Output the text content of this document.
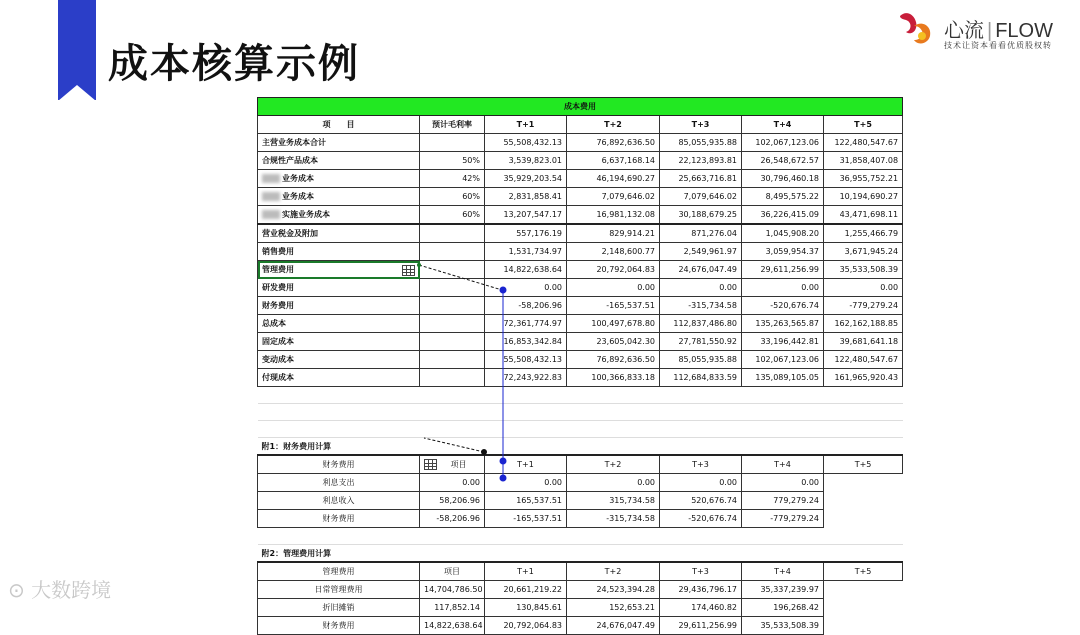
成本核算示例
心流 | FLOW
技术让资本看看优质股权转
成本费用						
项　　目	预计毛利率	T+1	T+2	T+3	T+4	T+5
主营业务成本合计		55,508,432.13	76,892,636.50	85,055,935.88	102,067,123.06	122,480,547.67
合规性产品成本	50%	3,539,823.01	6,637,168.14	22,123,893.81	26,548,672.57	31,858,407.08
业务成本	42%	35,929,203.54	46,194,690.27	25,663,716.81	30,796,460.18	36,955,752.21
业务成本	60%	2,831,858.41	7,079,646.02	7,079,646.02	8,495,575.22	10,194,690.27
实施业务成本	60%	13,207,547.17	16,981,132.08	30,188,679.25	36,226,415.09	43,471,698.11
营业税金及附加		557,176.19	829,914.21	871,276.04	1,045,908.20	1,255,466.79
销售费用		1,531,734.97	2,148,600.77	2,549,961.97	3,059,954.37	3,671,945.24
管理费用		14,822,638.64	20,792,064.83	24,676,047.49	29,611,256.99	35,533,508.39
研发费用		0.00	0.00	0.00	0.00	0.00
财务费用		-58,206.96	-165,537.51	-315,734.58	-520,676.74	-779,279.24
总成本		72,361,774.97	100,497,678.80	112,837,486.80	135,263,565.87	162,162,188.85
固定成本		16,853,342.84	23,605,042.30	27,781,550.92	33,196,442.81	39,681,641.18
变动成本		55,508,432.13	76,892,636.50	85,055,935.88	102,067,123.06	122,480,547.67
付现成本		72,243,922.83	100,366,833.18	112,684,833.59	135,089,105.05	161,965,920.43

附1：财务费用计算						
财务费用	项目	T+1	T+2	T+3	T+4	T+5
利息支出	0.00	0.00	0.00	0.00	0.00	
利息收入	58,206.96	165,537.51	315,734.58	520,676.74	779,279.24	
财务费用	-58,206.96	-165,537.51	-315,734.58	-520,676.74	-779,279.24	

附2：管理费用计算						
管理费用	项目	T+1	T+2	T+3	T+4	T+5
日常管理费用	14,704,786.50	20,661,219.22	24,523,394.28	29,436,796.17	35,337,239.97	
折旧摊销	117,852.14	130,845.61	152,653.21	174,460.82	196,268.42	
财务费用	14,822,638.64	20,792,064.83	24,676,047.49	29,611,256.99	35,533,508.39	
⊙ 大数跨境
